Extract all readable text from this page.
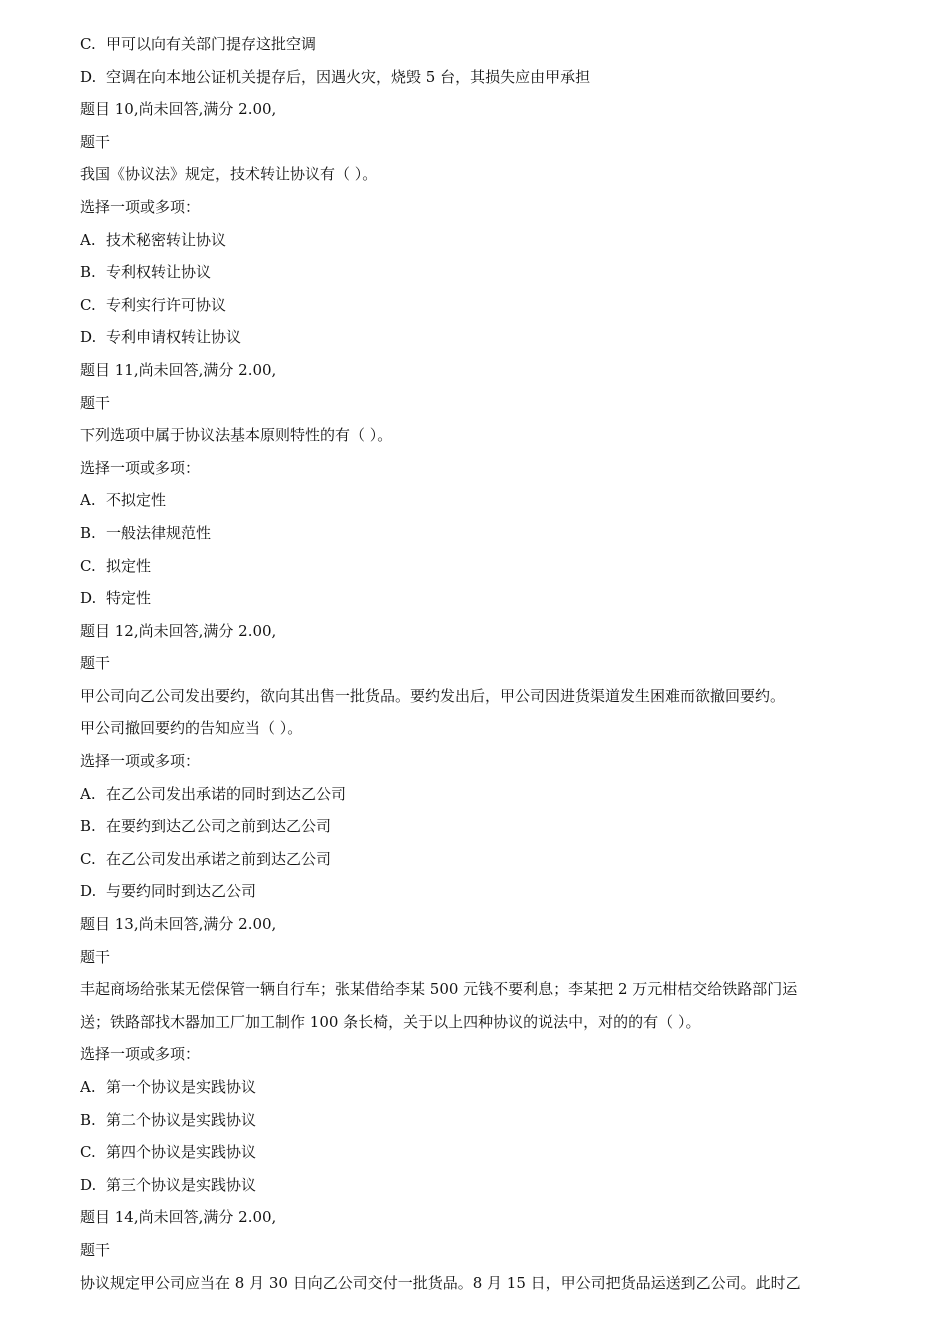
C. 甲可以向有关部门提存这批空调
D. 空调在向本地公证机关提存后，因遇火灾，烧毁 5 台，其损失应由甲承担
题目 10,尚未回答,满分 2.00,
题干
我国《协议法》规定，技术转让协议有（ ）。
选择一项或多项：
A. 技术秘密转让协议
B. 专利权转让协议
C. 专利实行许可协议
D. 专利申请权转让协议
题目 11,尚未回答,满分 2.00,
题干
下列选项中属于协议法基本原则特性的有（ ）。
选择一项或多项：
A. 不拟定性
B. 一般法律规范性
C. 拟定性
D. 特定性
题目 12,尚未回答,满分 2.00,
题干
甲公司向乙公司发出要约，欲向其出售一批货品。要约发出后，甲公司因进货渠道发生困难而欲撤回要约。
甲公司撤回要约的告知应当（ ）。
选择一项或多项：
A. 在乙公司发出承诺的同时到达乙公司
B. 在要约到达乙公司之前到达乙公司
C. 在乙公司发出承诺之前到达乙公司
D. 与要约同时到达乙公司
题目 13,尚未回答,满分 2.00,
题干
丰起商场给张某无偿保管一辆自行车；张某借给李某 500 元钱不要利息；李某把 2 万元柑桔交给铁路部门运
送；铁路部找木器加工厂加工制作 100 条长椅，关于以上四种协议的说法中，对的的有（ ）。
选择一项或多项：
A. 第一个协议是实践协议
B. 第二个协议是实践协议
C. 第四个协议是实践协议
D. 第三个协议是实践协议
题目 14,尚未回答,满分 2.00,
题干
协议规定甲公司应当在 8 月 30 日向乙公司交付一批货品。8 月 15 日，甲公司把货品运送到乙公司。此时乙
